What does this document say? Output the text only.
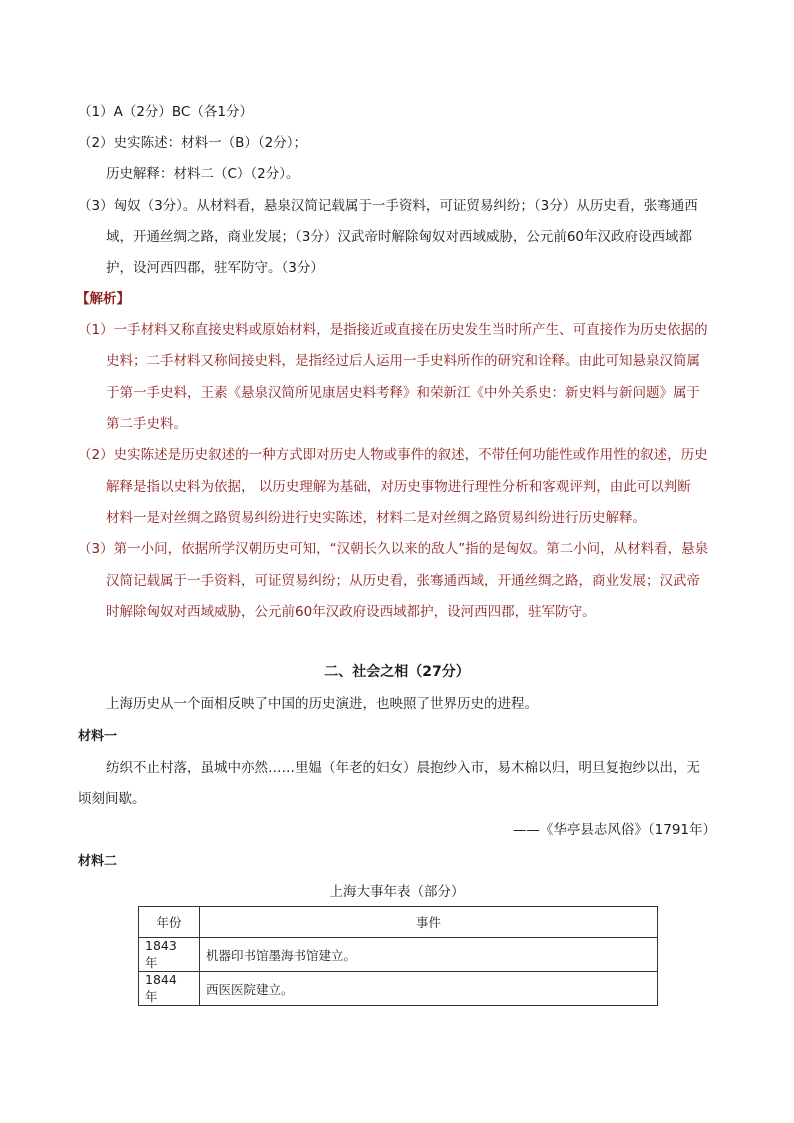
（1）A（2分）BC（各1分）
（2）史实陈述：材料一（B）（2分）；
历史解释：材料二（C）（2分）。
（3）匈奴（3分）。从材料看，悬泉汉简记载属于一手资料，可证贸易纠纷；（3分）从历史看，张骞通西
域，开通丝绸之路，商业发展；（3分）汉武帝时解除匈奴对西域威胁，公元前60年汉政府设西域都
护，设河西四郡，驻军防守。（3分）
【解析】
（1）一手材料又称直接史料或原始材料，是指接近或直接在历史发生当时所产生、可直接作为历史依据的
史料；二手材料又称间接史料，是指经过后人运用一手史料所作的研究和诠释。由此可知悬泉汉简属
于第一手史料，王素《悬泉汉简所见康居史料考释》和荣新江《中外关系史：新史料与新问题》属于
第二手史料。
（2）史实陈述是历史叙述的一种方式即对历史人物或事件的叙述，不带任何功能性或作用性的叙述，历史
解释是指以史料为依据， 以历史理解为基础，对历史事物进行理性分析和客观评判，由此可以判断
材料一是对丝绸之路贸易纠纷进行史实陈述，材料二是对丝绸之路贸易纠纷进行历史解释。
（3）第一小问，依据所学汉朝历史可知，“汉朝长久以来的敌人”指的是匈奴。第二小问，从材料看，悬泉
汉简记载属于一手资料，可证贸易纠纷；从历史看，张骞通西域，开通丝绸之路，商业发展；汉武帝
时解除匈奴对西域威胁，公元前60年汉政府设西域都护，设河西四郡，驻军防守。
二、社会之相（27分）
上海历史从一个面相反映了中国的历史演进，也映照了世界历史的进程。
材料一
纺织不止村落，虽城中亦然……里媪（年老的妇女）晨抱纱入市，易木棉以归，明旦复抱纱以出，无
顷刻间歇。
——《华亭县志风俗》（1791年）
材料二
上海大事年表（部分）
年份	事件
1843 年	机器印书馆墨海书馆建立。
1844 年	西医医院建立。
